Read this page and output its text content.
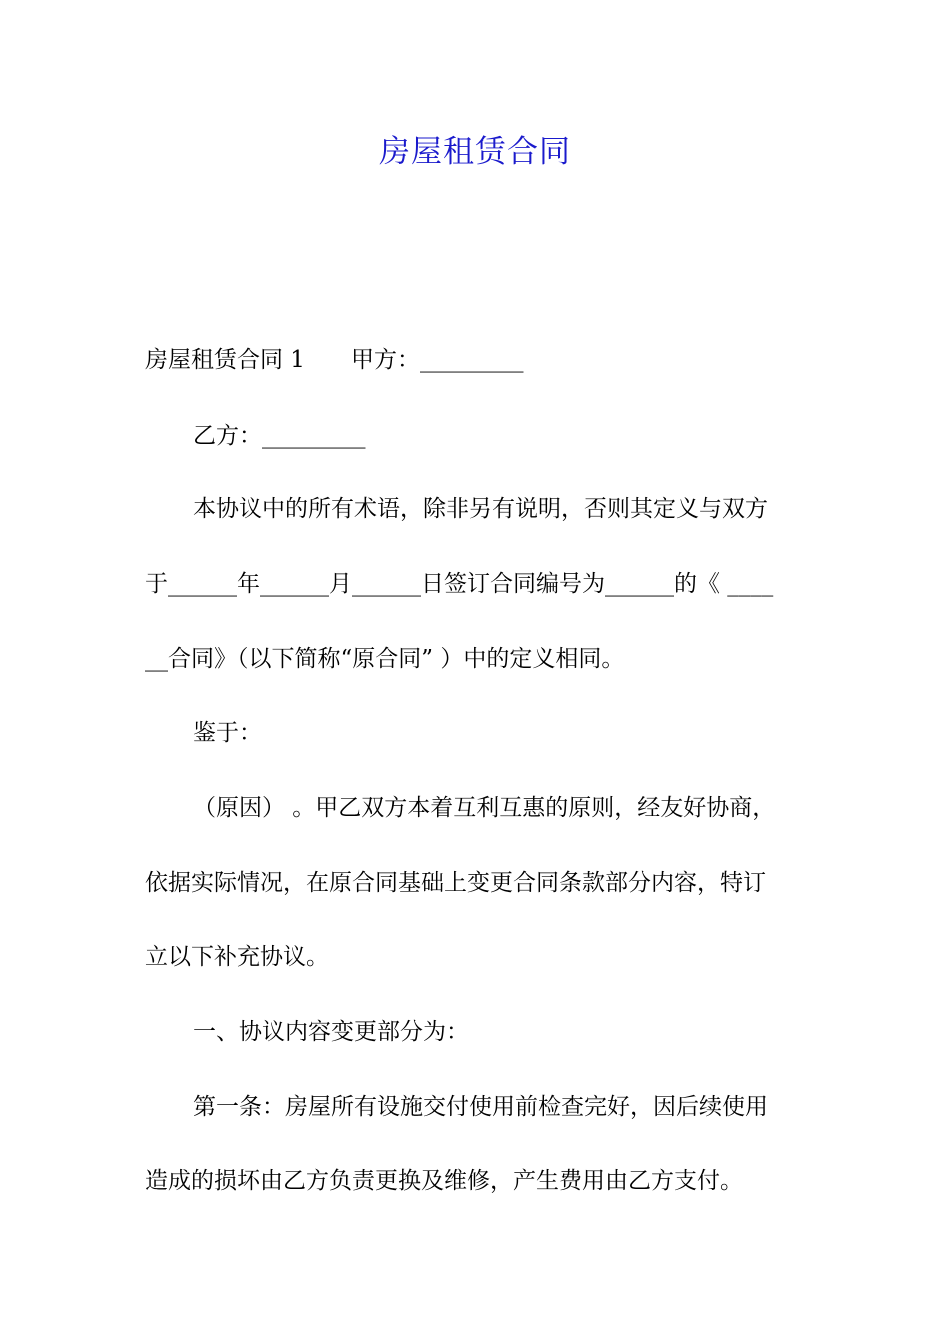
房屋租赁合同
房屋租赁合同 1 甲方：_________
乙方：_________
本协议中的所有术语，除非另有说明，否则其定义与双方
于______年______月______日签订合同编号为______的《 ____
__合同》（以下简称“原合同” ）中的定义相同。
鉴于：
（原因） 。甲乙双方本着互利互惠的原则，经友好协商，
依据实际情况，在原合同基础上变更合同条款部分内容，特订
立以下补充协议。
一、协议内容变更部分为：
第一条：房屋所有设施交付使用前检查完好，因后续使用
造成的损坏由乙方负责更换及维修，产生费用由乙方支付。
